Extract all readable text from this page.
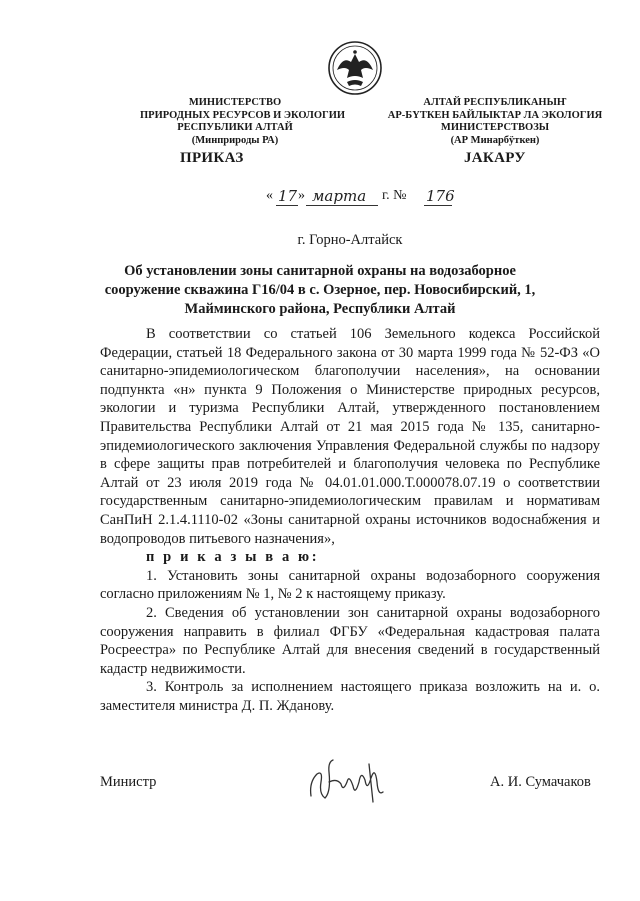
МИНИСТЕРСТВО
ПРИРОДНЫХ РЕСУРСОВ И ЭКОЛОГИИ
РЕСПУБЛИКИ АЛТАЙ
(Минприроды РА)
АЛТАЙ РЕСПУБЛИКАНЫҤ
АР-БҮТКЕН БАЙЛЫКТАР ЛА ЭКОЛОГИЯ
МИНИСТЕРСТВОЗЫ
(АР Минарбӱткен)
ПРИКАЗ	JАКАРУ
« 17 » марта г. № 176
г. Горно-Алтайск
Об установлении зоны санитарной охраны на водозаборное сооружение скважина Г16/04 в с. Озерное, пер. Новосибирский, 1, Майминского района, Республики Алтай

В соответствии со статьей 106 Земельного кодекса Российской Федерации, статьей 18 Федерального закона от 30 марта 1999 года № 52-ФЗ «О санитарно-эпидемиологическом благополучии населения», на основании подпункта «н» пункта 9 Положения о Министерстве природных ресурсов, экологии и туризма Республики Алтай, утвержденного постановлением Правительства Республики Алтай от 21 мая 2015 года № 135, санитарно-эпидемиологического заключения Управления Федеральной службы по надзору в сфере защиты прав потребителей и благополучия человека по Республике Алтай от 23 июля 2019 года № 04.01.01.000.Т.000078.07.19 о соответствии государственным санитарно-эпидемиологическим правилам и нормативам СанПиН 2.1.4.1110-02 «Зоны санитарной охраны источников водоснабжения и водопроводов питьевого назначения»,

п р и к а з ы в а ю:

1. Установить зоны санитарной охраны водозаборного сооружения согласно приложениям № 1, № 2 к настоящему приказу.

2. Сведения об установлении зон санитарной охраны водозаборного сооружения направить в филиал ФГБУ «Федеральная кадастровая палата Росреестра» по Республике Алтай для внесения сведений в государственный кадастр недвижимости.

3. Контроль за исполнением настоящего приказа возложить на и. о. заместителя министра Д. П. Жданову.

Министр	А. И. Сумачаков
